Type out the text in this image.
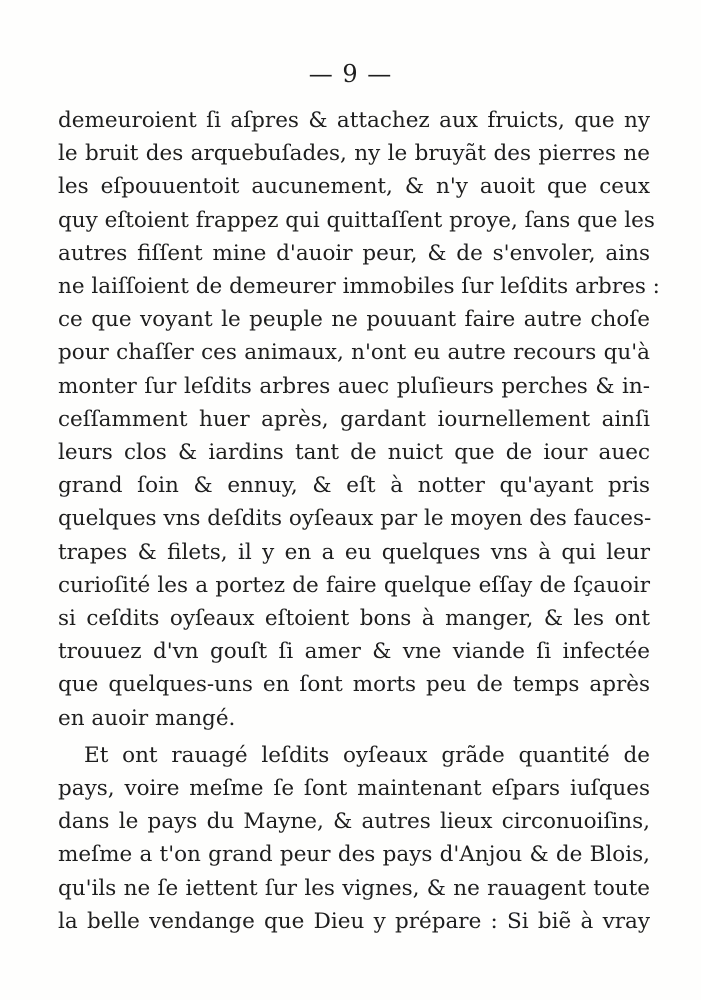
— 9 —
demeuroient ſi aſpres & attachez aux fruicts, que ny
le bruit des arquebuſades, ny le bruyãt des pierres ne
les eſpouuentoit aucunement, & n'y auoit que ceux
quy eſtoient frappez qui quittaſſent proye, ſans que les
autres fiſſent mine d'auoir peur, & de s'envoler, ains
ne laiſſoient de demeurer immobiles ſur leſdits arbres :
ce que voyant le peuple ne pouuant faire autre choſe
pour chaſſer ces animaux, n'ont eu autre recours qu'à
monter ſur leſdits arbres auec pluſieurs perches & in-
ceſſamment huer après, gardant iournellement ainſi
leurs clos & iardins tant de nuict que de iour auec
grand ſoin & ennuy, & eſt à notter qu'ayant pris
quelques vns deſdits oyſeaux par le moyen des fauces-
trapes & filets, il y en a eu quelques vns à qui leur
curioſité les a portez de faire quelque eſſay de ſçauoir
si ceſdits oyſeaux eſtoient bons à manger, & les ont
trouuez d'vn gouſt ſi amer & vne viande ſi infectée
que quelques-uns en ſont morts peu de temps après
en auoir mangé.
Et ont rauagé leſdits oyſeaux grãde quantité de
pays, voire meſme ſe ſont maintenant eſpars iuſques
dans le pays du Mayne, & autres lieux circonuoiſins,
meſme a t'on grand peur des pays d'Anjou & de Blois,
qu'ils ne ſe iettent ſur les vignes, & ne rauagent toute
la belle vendange que Dieu y prépare : Si biẽ à vray
